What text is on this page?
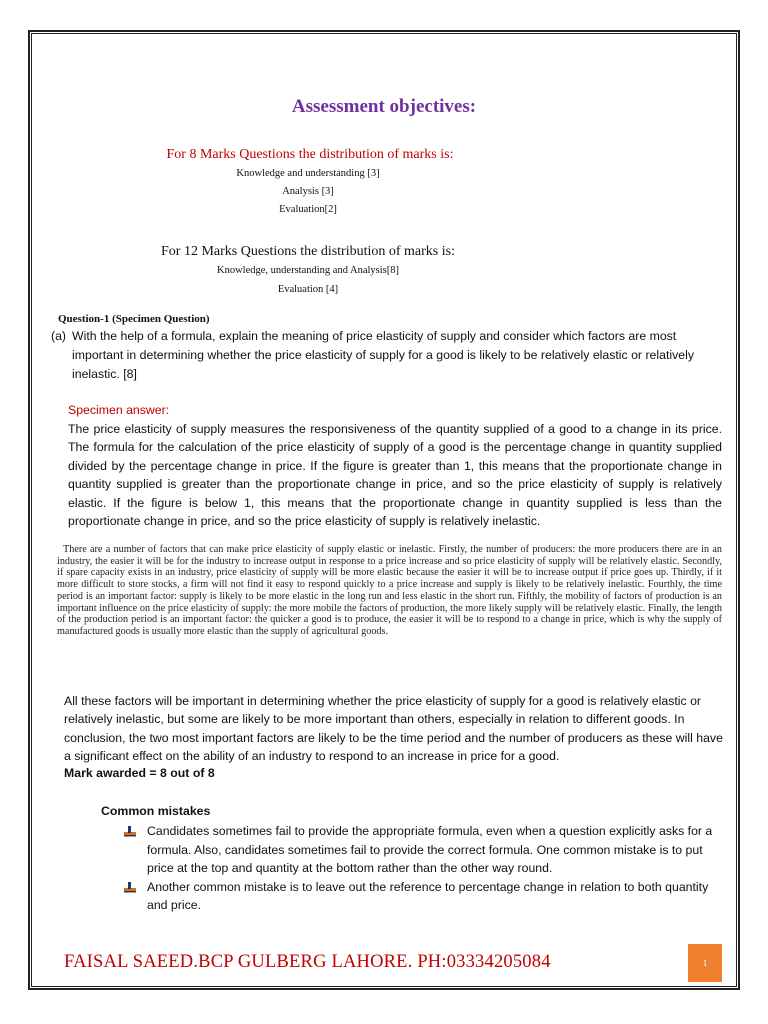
Assessment objectives:
For 8 Marks Questions the distribution of marks is:
Knowledge and understanding [3]
Analysis [3]
Evaluation[2]
For 12 Marks Questions the distribution of marks is:
Knowledge, understanding and Analysis[8]
Evaluation [4]
Question-1 (Specimen Question)
(a) With the help of a formula, explain the meaning of price elasticity of supply and consider which factors are most important in determining whether the price elasticity of supply for a good is likely to be relatively elastic or relatively inelastic. [8]
Specimen answer:
The price elasticity of supply measures the responsiveness of the quantity supplied of a good to a change in its price. The formula for the calculation of the price elasticity of supply of a good is the percentage change in quantity supplied divided by the percentage change in price. If the figure is greater than 1, this means that the proportionate change in quantity supplied is greater than the proportionate change in price, and so the price elasticity of supply is relatively elastic. If the figure is below 1, this means that the proportionate change in quantity supplied is less than the proportionate change in price, and so the price elasticity of supply is relatively inelastic.
There are a number of factors that can make price elasticity of supply elastic or inelastic. Firstly, the number of producers: the more producers there are in an industry, the easier it will be for the industry to increase output in response to a price increase and so price elasticity of supply will be relatively elastic. Secondly, if spare capacity exists in an industry, price elasticity of supply will be more elastic because the easier it will be to increase output if price goes up. Thirdly, if it more difficult to store stocks, a firm will not find it easy to respond quickly to a price increase and supply is likely to be relatively inelastic. Fourthly, the time period is an important factor: supply is likely to be more elastic in the long run and less elastic in the short run. Fifthly, the mobility of factors of production is an important influence on the price elasticity of supply: the more mobile the factors of production, the more likely supply will be relatively elastic. Finally, the length of the production period is an important factor: the quicker a good is to produce, the easier it will be to respond to a change in price, which is why the supply of manufactured goods is usually more elastic than the supply of agricultural goods.
All these factors will be important in determining whether the price elasticity of supply for a good is relatively elastic or relatively inelastic, but some are likely to be more important than others, especially in relation to different goods. In conclusion, the two most important factors are likely to be the time period and the number of producers as these will have a significant effect on the ability of an industry to respond to an increase in price for a good.
Mark awarded = 8 out of 8
Common mistakes
Candidates sometimes fail to provide the appropriate formula, even when a question explicitly asks for a formula. Also, candidates sometimes fail to provide the correct formula. One common mistake is to put price at the top and quantity at the bottom rather than the other way round.
Another common mistake is to leave out the reference to percentage change in relation to both quantity and price.
FAISAL SAEED.BCP GULBERG LAHORE. PH:03334205084	1
